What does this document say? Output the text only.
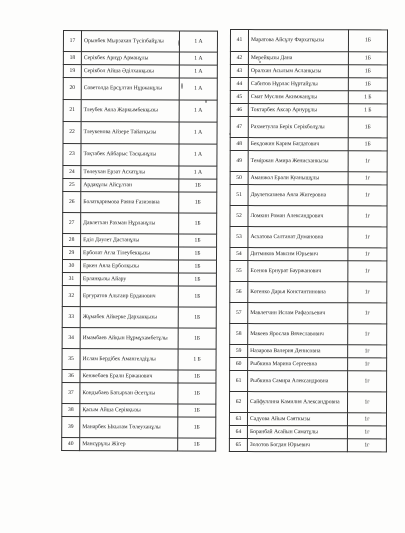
17	Орынбек Мырзахан Түсіпбайұлы	1 А
18	Серікбек Арнұр Арманұлы	1 А
19	Серікбол Айша Әділханқызы	1 А
20	Советолда Ерсұлтан Нұржанұлы	1 А
21	Тлеубек Аяла Жаркымбекқызы	1 А
22	Тлеукенова Айзере Тайатқызы	1 А
23	Тоқтабек Айбарыс Тасқынұлы	1 А
24	Төлеухан Ерзат Асхатұлы	1 А
25	Ардақұлы Айсұлтан	1Б
26	Болатқаримова Раяна Ғазизовна	1Б
27	Давлетхан Рахман Нұрланұлы	1Б
28	Еділ Дәулет Дастанұлы	1Б
29	Ерболат Ағла Тілеубекқызы	1Б
30	Еркен Аяла Ерболқызы	1Б
31	Ерланқызы Айару	1Б
32	Ерғуратов Альтаир Ерданович	1Б
33	Жұмабек Айкерке Дарханқызы	1Б
34	Имамбаев Айқын Нұрмұхамбетұлы	1Б
35	Ислам Бердібек Амангелдіұлы	1 Б
36	Кенжебаев Ерали Ержанович	1Б
37	Кондыбаев Батырхан Әсетұлы	1Б
38	Қасым Айша Серікқызы	1Б
39	Манарбек Ыкылам Төлеуханұлы	1Б
40	Мансұрұлы Жігер	1Б
41	Маратова Айсұлу Фархатқызы	1Б
42	Мерейқызы Дана	1Б
43	Оралхан Асылым Асланқызы	1Б
44	Сабитов Нұрлас Нұртайұлы	1Б
45	Смат Муслим Акимжанұлы	1 Б
46	Токтарбек Аксар Арнурұлы	1 Б
47	Рахметулла Берік Серікболұлы	1Б
48	Бекдожин Карим Багдатович	1Б
49	Теміржан Амира Женисханкызы	1г
50	Аманжол Ерали Куанышұлы	1г
51	Двулетказиева Аяла Жигеровна	1г
52	Ломкин Роман Александрович	1г
53	Асхатова Салтанат Думановна	1г
54	Дитмиков Максим Юрьевич	1г
55	Есенов Ернурат Бауржанович	1г
56	Котенко Дарья Константиновна	1г
57	Мавлетчин Ислам Рафаэльевич	1г
58	Макеев Ярослав Вячеславович	1г
59	Назарова Валерия Денисовна	1г
60	Рыбкина Марина Сергеевна	1г
61	Рыбкина Самира Александровна	1г
62	Сайфуллина Камилия Александровна	1г
63	Садуова Айым Саяткызы	1г
64	Боранбай Асайын Саматұлы	1г
65	Золотов Богдан Юрьевич	1г
